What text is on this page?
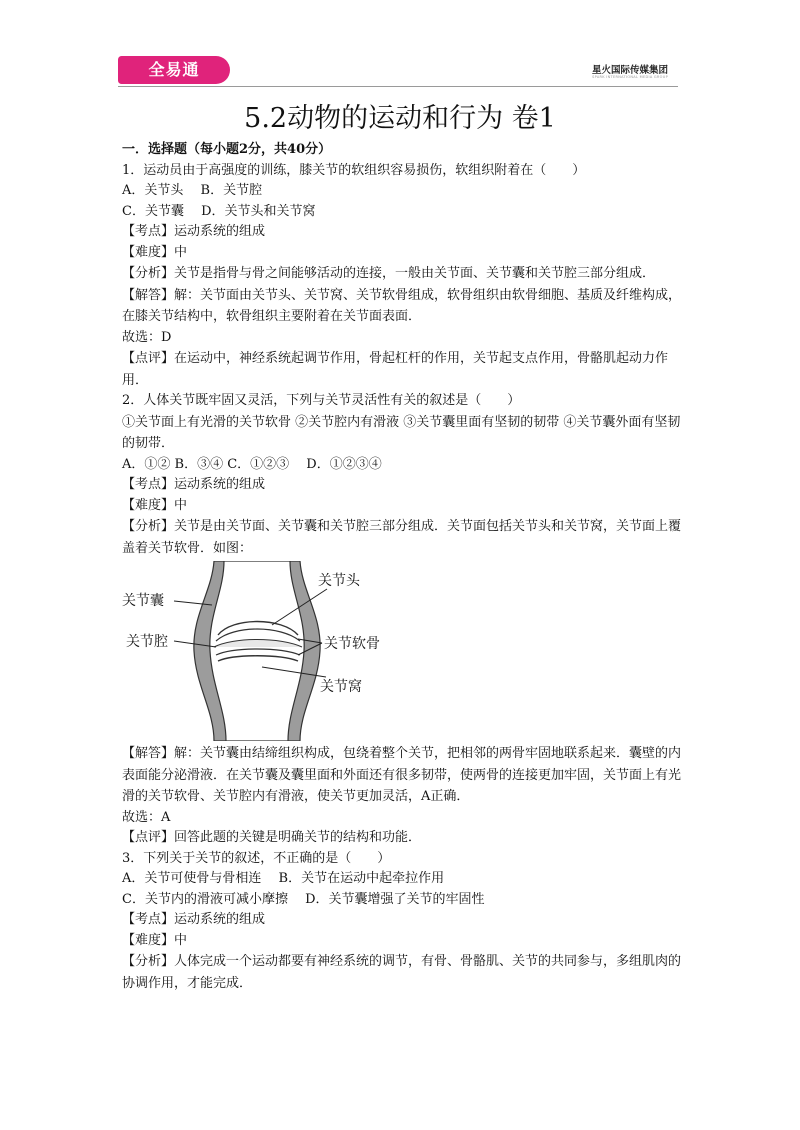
全易通	星火国际传媒集团
SPARK INTERNATIONAL MEDIA GROUP
5.2动物的运动和行为 卷1

一．选择题（每小题2分，共40分）

1．运动员由于高强度的训练，膝关节的软组织容易损伤，软组织附着在（　　）

A．关节头　 B．关节腔

C．关节囊　 D．关节头和关节窝

【考点】运动系统的组成

【难度】中

【分析】关节是指骨与骨之间能够活动的连接，一般由关节面、关节囊和关节腔三部分组成．

【解答】解：关节面由关节头、关节窝、关节软骨组成，软骨组织由软骨细胞、基质及纤维构成，在膝关节结构中，软骨组织主要附着在关节面表面．

故选：D

【点评】在运动中，神经系统起调节作用，骨起杠杆的作用，关节起支点作用，骨骼肌起动力作用．

2．人体关节既牢固又灵活，下列与关节灵活性有关的叙述是（　　）

①关节面上有光滑的关节软骨 ②关节腔内有滑液 ③关节囊里面有坚韧的韧带 ④关节囊外面有坚韧的韧带．

A．①② B．③④ C．①②③　 D．①②③④

【考点】运动系统的组成

【难度】中

【分析】关节是由关节面、关节囊和关节腔三部分组成．关节面包括关节头和关节窝，关节面上覆盖着关节软骨．如图：

关节囊
关节腔
关节头
关节软骨
关节窝

【解答】解：关节囊由结缔组织构成，包绕着整个关节，把相邻的两骨牢固地联系起来．囊壁的内表面能分泌滑液．在关节囊及囊里面和外面还有很多韧带，使两骨的连接更加牢固，关节面上有光滑的关节软骨、关节腔内有滑液，使关节更加灵活，A正确．

故选：A

【点评】回答此题的关键是明确关节的结构和功能．

3．下列关于关节的叙述，不正确的是（　　）

A．关节可使骨与骨相连　 B．关节在运动中起牵拉作用

C．关节内的滑液可减小摩擦　 D．关节囊增强了关节的牢固性

【考点】运动系统的组成

【难度】中

【分析】人体完成一个运动都要有神经系统的调节，有骨、骨骼肌、关节的共同参与，多组肌肉的协调作用，才能完成．
